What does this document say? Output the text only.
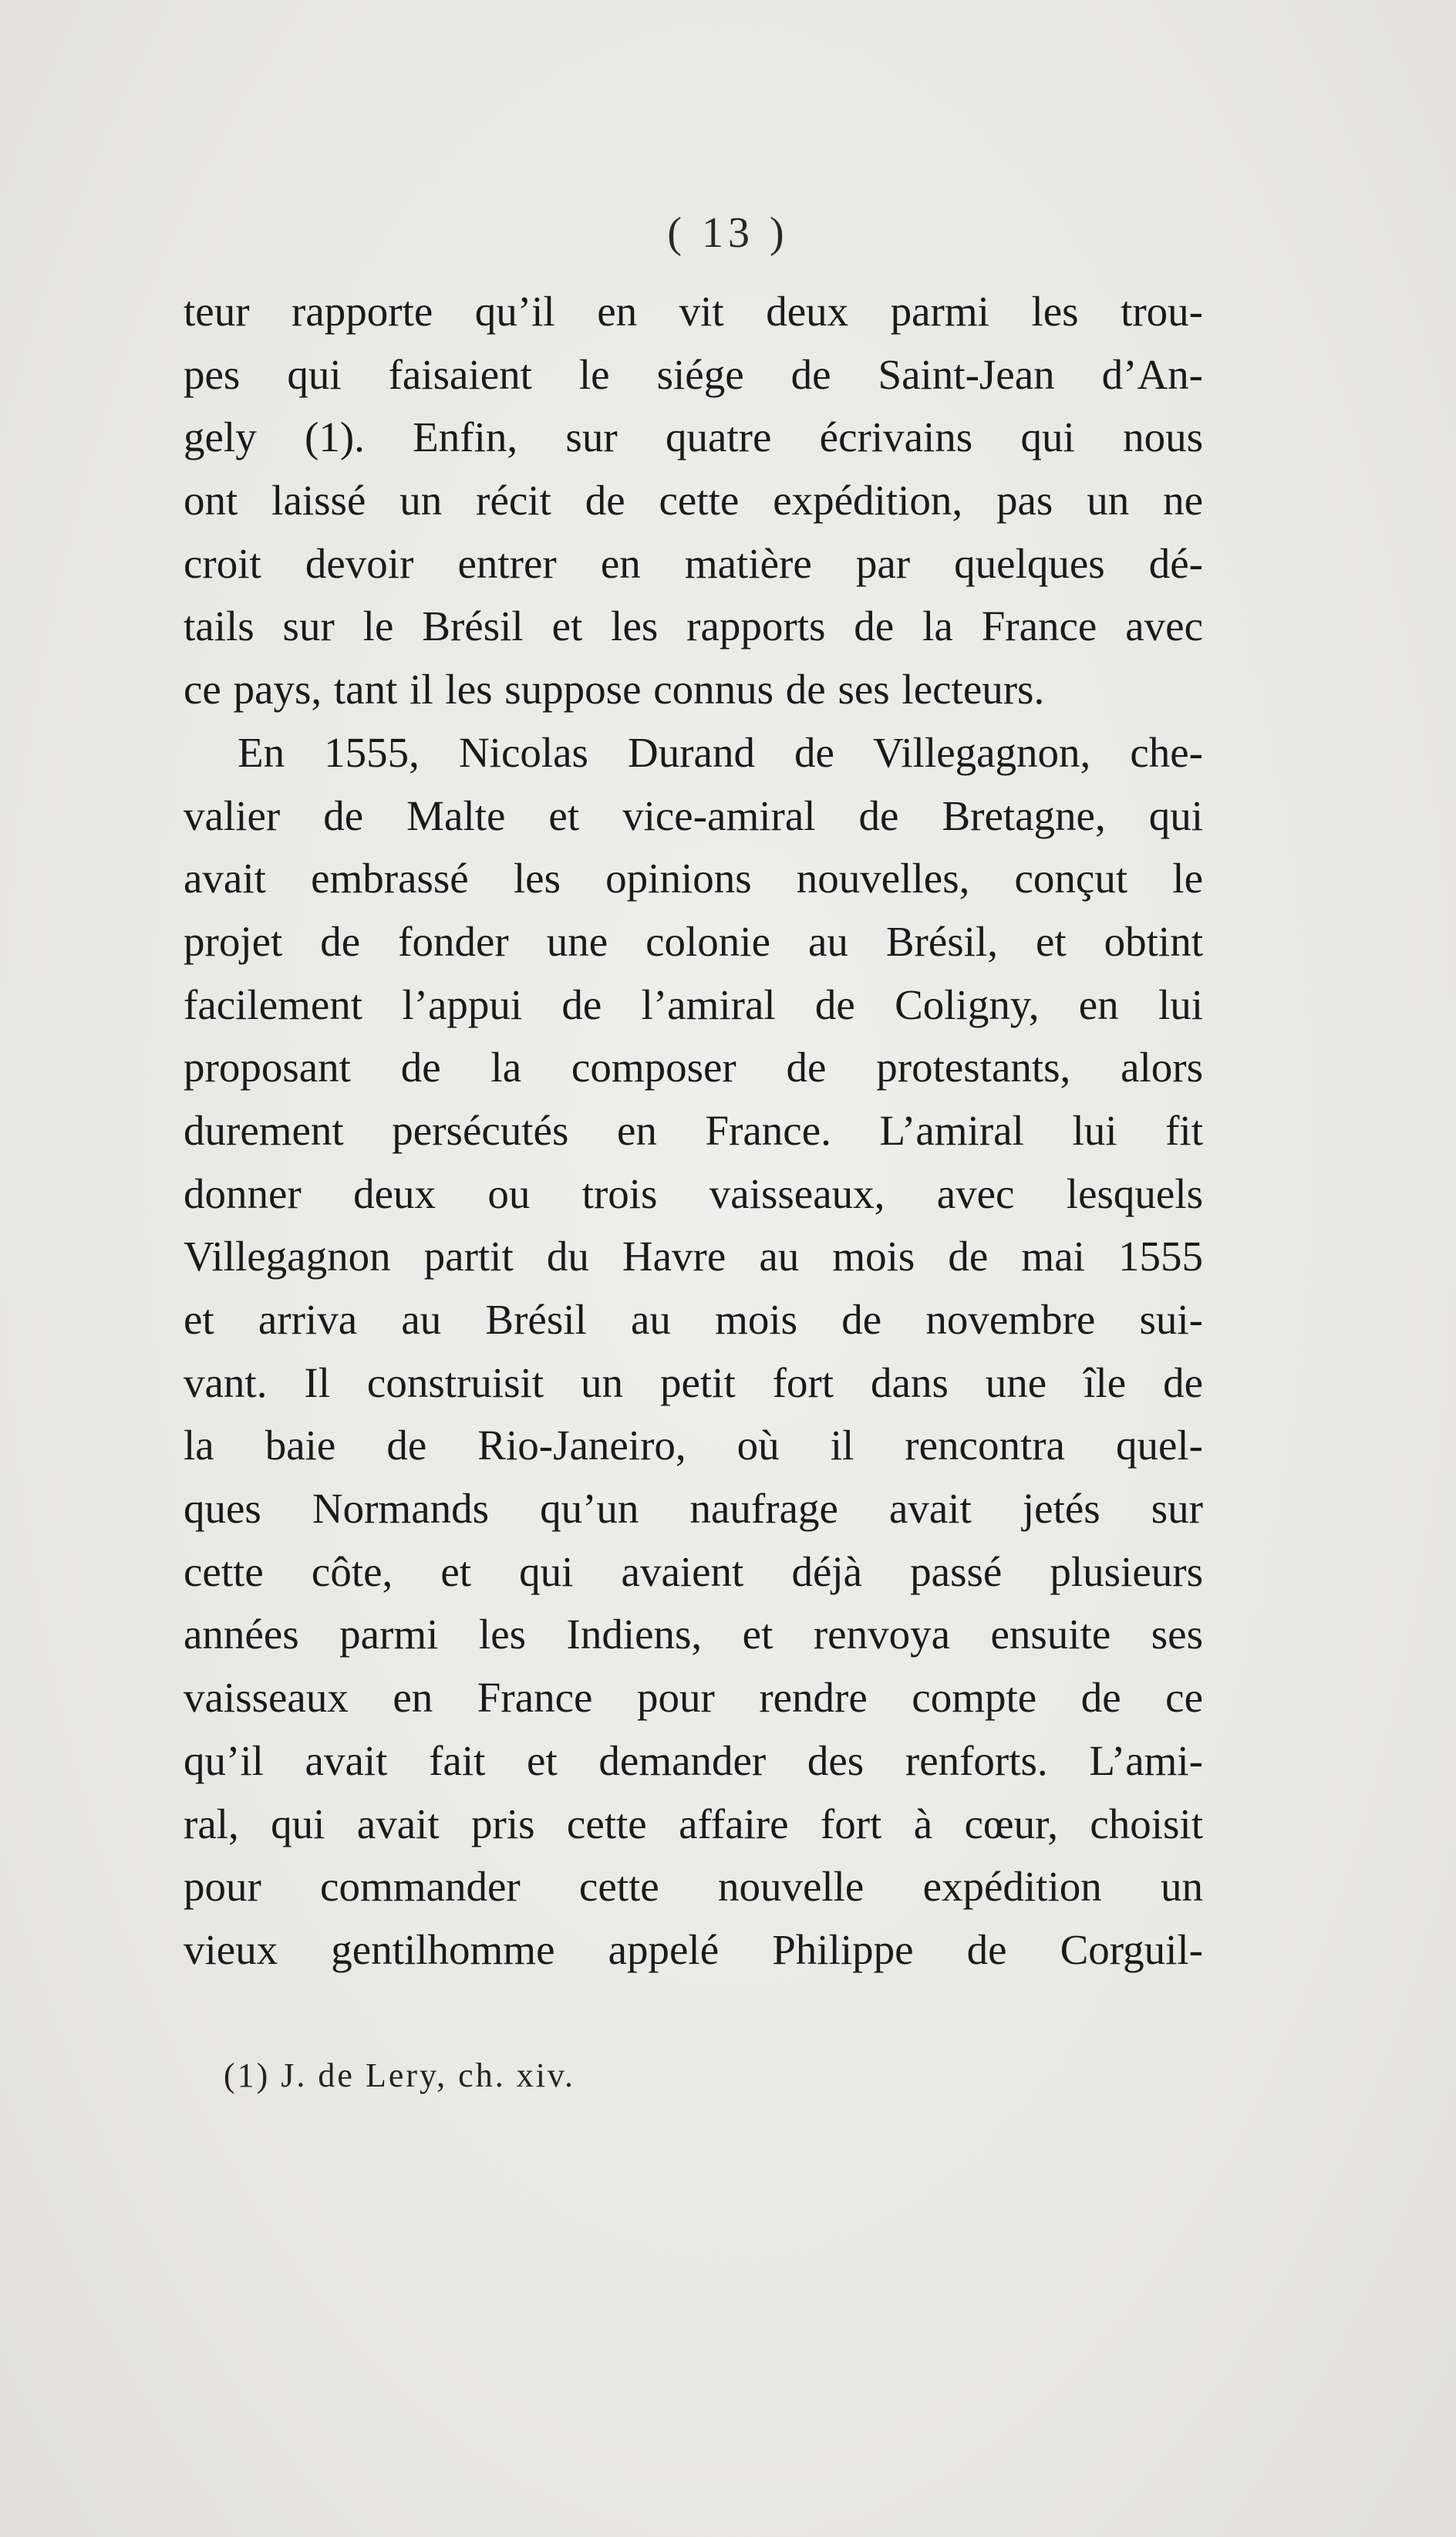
( 13 )
teur rapporte qu’il en vit deux parmi les trou-
pes qui faisaient le siége de Saint-Jean d’An-
gely (1). Enfin, sur quatre écrivains qui nous
ont laissé un récit de cette expédition, pas un ne
croit devoir entrer en matière par quelques dé-
tails sur le Brésil et les rapports de la France avec
ce pays, tant il les suppose connus de ses lecteurs.
En 1555, Nicolas Durand de Villegagnon, che-
valier de Malte et vice-amiral de Bretagne, qui
avait embrassé les opinions nouvelles, conçut le
projet de fonder une colonie au Brésil, et obtint
facilement l’appui de l’amiral de Coligny, en lui
proposant de la composer de protestants, alors
durement persécutés en France. L’amiral lui fit
donner deux ou trois vaisseaux, avec lesquels
Villegagnon partit du Havre au mois de mai 1555
et arriva au Brésil au mois de novembre sui-
vant. Il construisit un petit fort dans une île de
la baie de Rio-Janeiro, où il rencontra quel-
ques Normands qu’un naufrage avait jetés sur
cette côte, et qui avaient déjà passé plusieurs
années parmi les Indiens, et renvoya ensuite ses
vaisseaux en France pour rendre compte de ce
qu’il avait fait et demander des renforts. L’ami-
ral, qui avait pris cette affaire fort à cœur, choisit
pour commander cette nouvelle expédition un
vieux gentilhomme appelé Philippe de Corguil-
(1) J. de Lery, ch. xiv.
